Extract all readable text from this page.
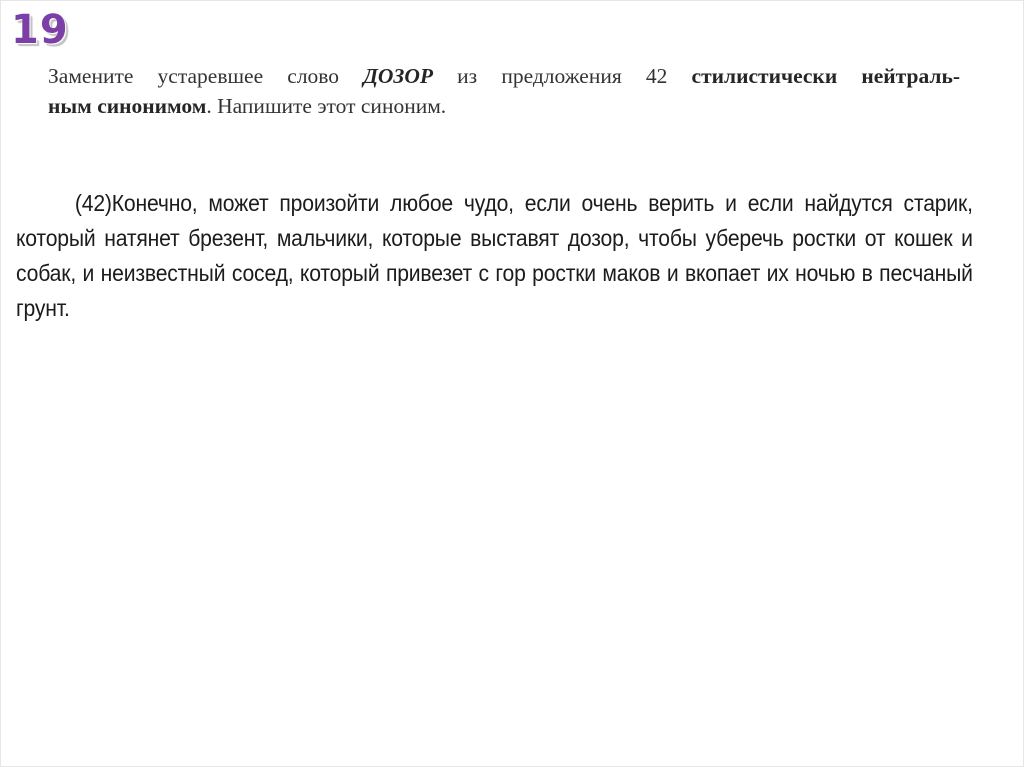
19
Замените устаревшее слово ДОЗОР из предложения 42 стилистически нейтраль-
ным синонимом. Напишите этот синоним.
(42)Конечно, может произойти любое чудо, если очень верить и если найдутся старик, который натянет брезент, мальчики, которые выставят дозор, чтобы уберечь ростки от кошек и собак, и неизвестный сосед, который привезет с гор ростки маков и вкопает их ночью в песчаный грунт.
